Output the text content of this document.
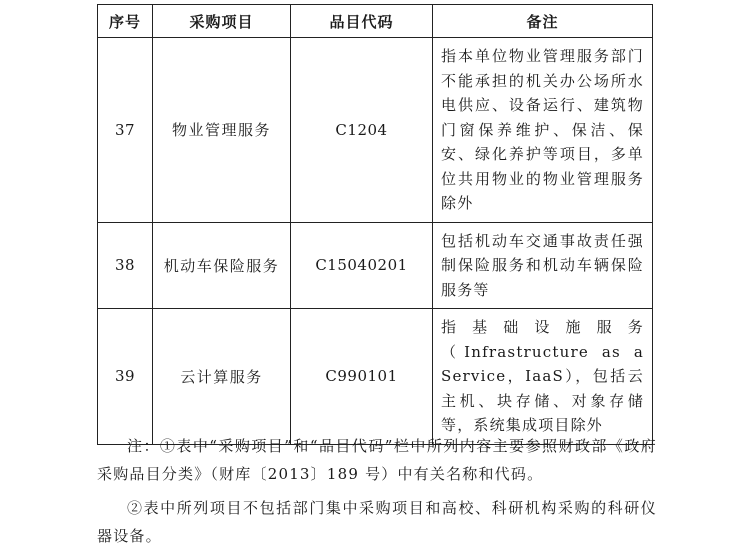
序号	采购项目	品目代码	备注
37	物业管理服务	C1204	指本单位物业管理服务部门不能承担的机关办公场所水电供应、设备运行、建筑物门窗保养维护、保洁、保安、绿化养护等项目，多单位共用物业的物业管理服务除外
38	机动车保险服务	C15040201	包括机动车交通事故责任强制保险服务和机动车辆保险服务等
39	云计算服务	C990101	指基础设施服务（Infrastructure as a Service，IaaS），包括云主机、块存储、对象存储等，系统集成项目除外

注：①表中“采购项目”和“品目代码”栏中所列内容主要参照财政部《政府采购品目分类》（财库〔2013〕189 号）中有关名称和代码。

②表中所列项目不包括部门集中采购项目和高校、科研机构采购的科研仪器设备。
